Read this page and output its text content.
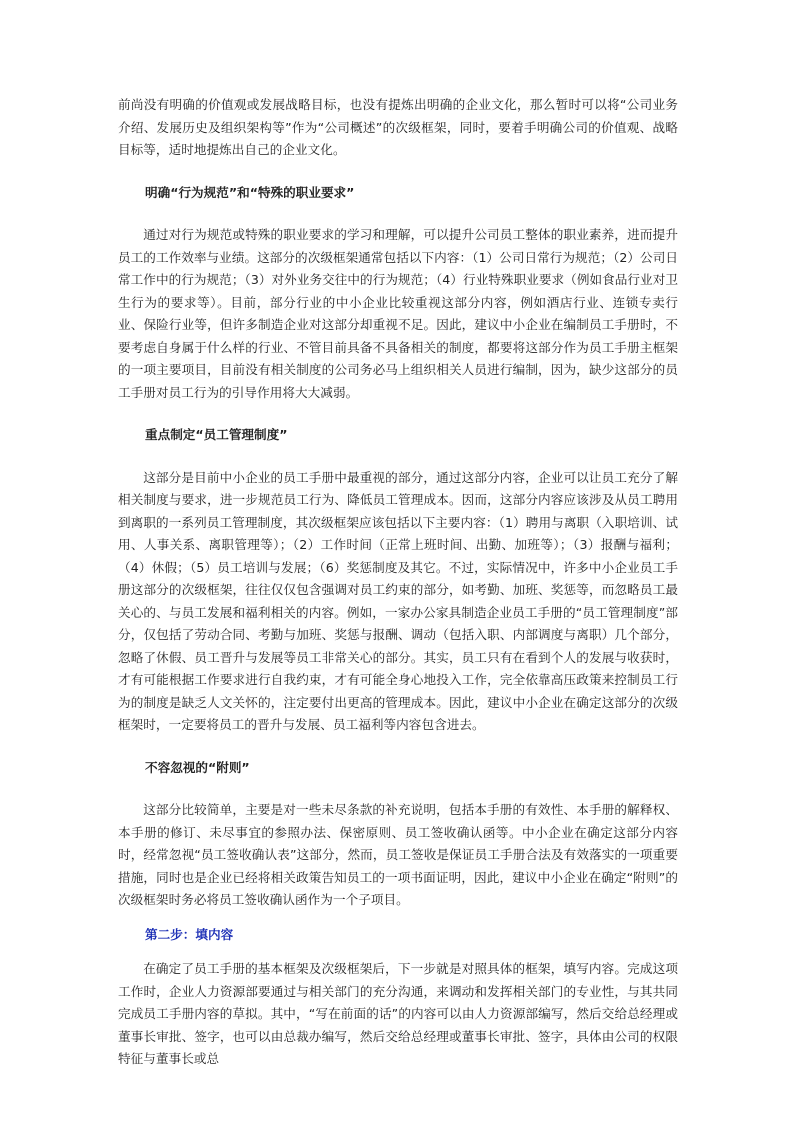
前尚没有明确的价值观或发展战略目标，也没有提炼出明确的企业文化，那么暂时可以将“公司业务介绍、发展历史及组织架构等”作为“公司概述”的次级框架，同时，要着手明确公司的价值观、战略目标等，适时地提炼出自己的企业文化。

明确“行为规范”和“特殊的职业要求”

通过对行为规范或特殊的职业要求的学习和理解，可以提升公司员工整体的职业素养，进而提升员工的工作效率与业绩。这部分的次级框架通常包括以下内容：（1）公司日常行为规范；（2）公司日常工作中的行为规范；（3）对外业务交往中的行为规范；（4）行业特殊职业要求（例如食品行业对卫生行为的要求等）。目前，部分行业的中小企业比较重视这部分内容，例如酒店行业、连锁专卖行业、保险行业等，但许多制造企业对这部分却重视不足。因此，建议中小企业在编制员工手册时，不要考虑自身属于什么样的行业、不管目前具备不具备相关的制度，都要将这部分作为员工手册主框架的一项主要项目，目前没有相关制度的公司务必马上组织相关人员进行编制，因为，缺少这部分的员工手册对员工行为的引导作用将大大减弱。

重点制定“员工管理制度”

这部分是目前中小企业的员工手册中最重视的部分，通过这部分内容，企业可以让员工充分了解相关制度与要求，进一步规范员工行为、降低员工管理成本。因而，这部分内容应该涉及从员工聘用到离职的一系列员工管理制度，其次级框架应该包括以下主要内容：（1）聘用与离职（入职培训、试用、人事关系、离职管理等）；（2）工作时间（正常上班时间、出勤、加班等）；（3）报酬与福利；（4）休假；（5）员工培训与发展；（6）奖惩制度及其它。不过，实际情况中，许多中小企业员工手册这部分的次级框架，往往仅仅包含强调对员工约束的部分，如考勤、加班、奖惩等，而忽略员工最关心的、与员工发展和福利相关的内容。例如，一家办公家具制造企业员工手册的“员工管理制度”部分，仅包括了劳动合同、考勤与加班、奖惩与报酬、调动（包括入职、内部调度与离职）几个部分，忽略了休假、员工晋升与发展等员工非常关心的部分。其实，员工只有在看到个人的发展与收获时，才有可能根据工作要求进行自我约束，才有可能全身心地投入工作，完全依靠高压政策来控制员工行为的制度是缺乏人文关怀的，注定要付出更高的管理成本。因此，建议中小企业在确定这部分的次级框架时，一定要将员工的晋升与发展、员工福利等内容包含进去。

不容忽视的“附则”

这部分比较简单，主要是对一些未尽条款的补充说明，包括本手册的有效性、本手册的解释权、本手册的修订、未尽事宜的参照办法、保密原则、员工签收确认函等。中小企业在确定这部分内容时，经常忽视“员工签收确认表”这部分，然而，员工签收是保证员工手册合法及有效落实的一项重要措施，同时也是企业已经将相关政策告知员工的一项书面证明，因此，建议中小企业在确定“附则”的次级框架时务必将员工签收确认函作为一个子项目。

第二步：填内容

在确定了员工手册的基本框架及次级框架后，下一步就是对照具体的框架，填写内容。完成这项工作时，企业人力资源部要通过与相关部门的充分沟通，来调动和发挥相关部门的专业性，与其共同完成员工手册内容的草拟。其中，“写在前面的话”的内容可以由人力资源部编写，然后交给总经理或董事长审批、签字，也可以由总裁办编写，然后交给总经理或董事长审批、签字，具体由公司的权限特征与董事长或总
